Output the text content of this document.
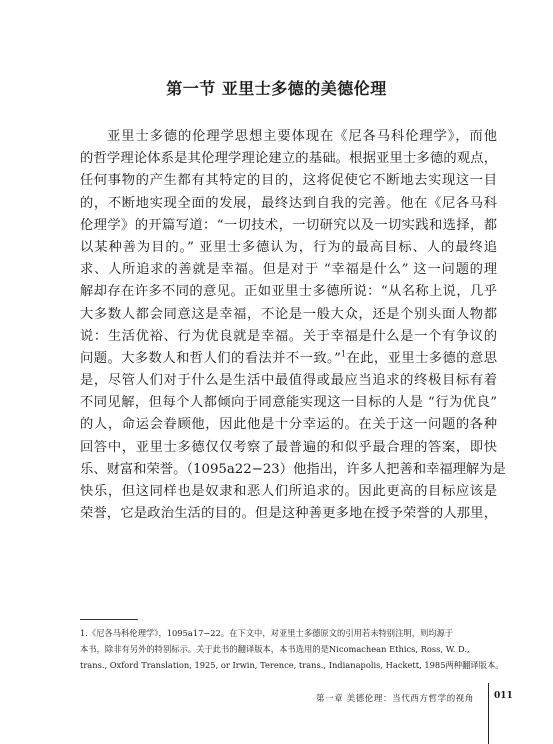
第一节 亚里士多德的美德伦理
亚里士多德的伦理学思想主要体现在《尼各马科伦理学》，而他
的哲学理论体系是其伦理学理论建立的基础。根据亚里士多德的观点，
任何事物的产生都有其特定的目的，这将促使它不断地去实现这一目
的，不断地实现全面的发展，最终达到自我的完善。他在《尼各马科
伦理学》的开篇写道：“一切技术，一切研究以及一切实践和选择，都
以某种善为目的。” 亚里士多德认为，行为的最高目标、人的最终追
求、人所追求的善就是幸福。但是对于 “幸福是什么” 这一问题的理
解却存在许多不同的意见。正如亚里士多德所说：“从名称上说，几乎
大多数人都会同意这是幸福，不论是一般大众，还是个别头面人物都
说：生活优裕、行为优良就是幸福。关于幸福是什么是一个有争议的
问题。大多数人和哲人们的看法并不一致。”$^1$在此，亚里士多德的意思
是，尽管人们对于什么是生活中最值得或最应当追求的终极目标有着
不同见解，但每个人都倾向于同意能实现这一目标的人是 “行为优良”
的人，命运会眷顾他，因此他是十分幸运的。在关于这一问题的各种
回答中，亚里士多德仅仅考察了最普遍的和似乎最合理的答案，即快
乐、财富和荣誉。（1095a22−23）他指出，许多人把善和幸福理解为是
快乐，但这同样也是奴隶和恶人们所追求的。因此更高的目标应该是
荣誉，它是政治生活的目的。但是这种善更多地在授予荣誉的人那里，
1.《尼各马科伦理学》，1095a17−22。在下文中，对亚里士多德原文的引用若未特别注明，则均源于
本书，除非有另外的特别标示。关于此书的翻译版本，本书选用的是Nicomachean Ethics, Ross, W. D.,
trans., Oxford Translation, 1925, or Irwin, Terence, trans., Indianapolis, Hackett, 1985两种翻译版本。
第一章 美德伦理：当代西方哲学的视角 011
